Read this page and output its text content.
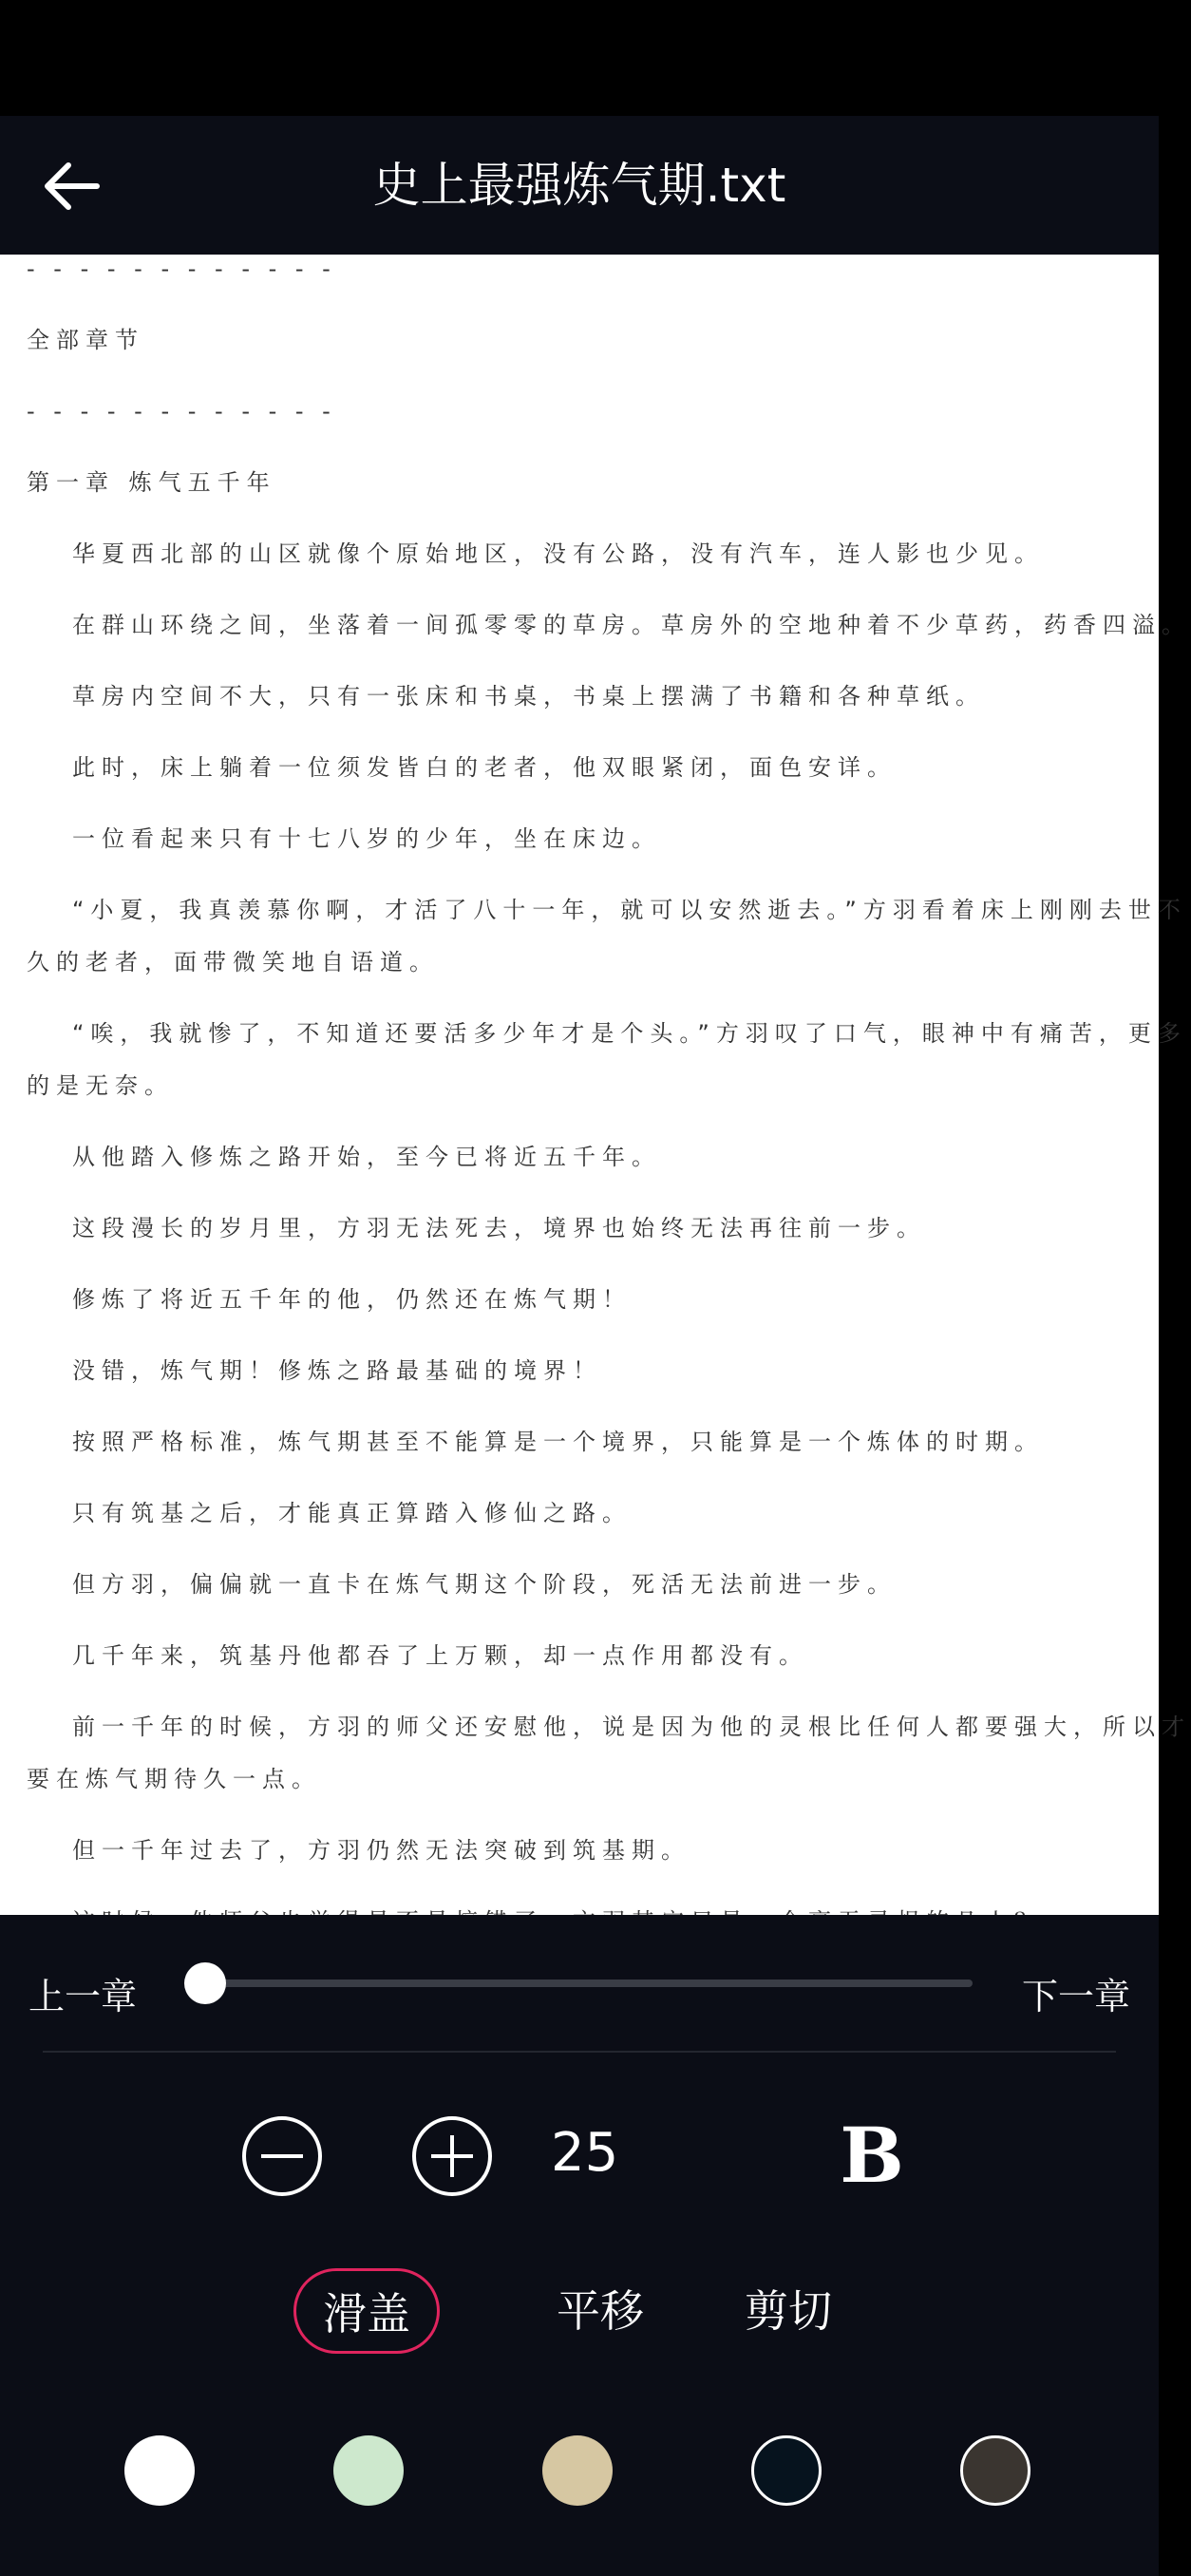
史上最强炼气期.txt
- - - - - - - - - - - -
全部章节
- - - - - - - - - - - -
第一章 炼气五千年
华夏西北部的山区就像个原始地区，没有公路，没有汽车，连人影也少见。
在群山环绕之间，坐落着一间孤零零的草房。草房外的空地种着不少草药，药香四溢。
草房内空间不大，只有一张床和书桌，书桌上摆满了书籍和各种草纸。
此时，床上躺着一位须发皆白的老者，他双眼紧闭，面色安详。
一位看起来只有十七八岁的少年，坐在床边。
“小夏，我真羡慕你啊，才活了八十一年，就可以安然逝去。”方羽看着床上刚刚去世不
久的老者，面带微笑地自语道。
“唉，我就惨了，不知道还要活多少年才是个头。”方羽叹了口气，眼神中有痛苦，更多
的是无奈。
从他踏入修炼之路开始，至今已将近五千年。
这段漫长的岁月里，方羽无法死去，境界也始终无法再往前一步。
修炼了将近五千年的他，仍然还在炼气期！
没错，炼气期！修炼之路最基础的境界！
按照严格标准，炼气期甚至不能算是一个境界，只能算是一个炼体的时期。
只有筑基之后，才能真正算踏入修仙之路。
但方羽，偏偏就一直卡在炼气期这个阶段，死活无法前进一步。
几千年来，筑基丹他都吞了上万颗，却一点作用都没有。
前一千年的时候，方羽的师父还安慰他，说是因为他的灵根比任何人都要强大，所以才
要在炼气期待久一点。
但一千年过去了，方羽仍然无法突破到筑基期。
上一章	下一章
25	B
滑盖	平移	剪切
